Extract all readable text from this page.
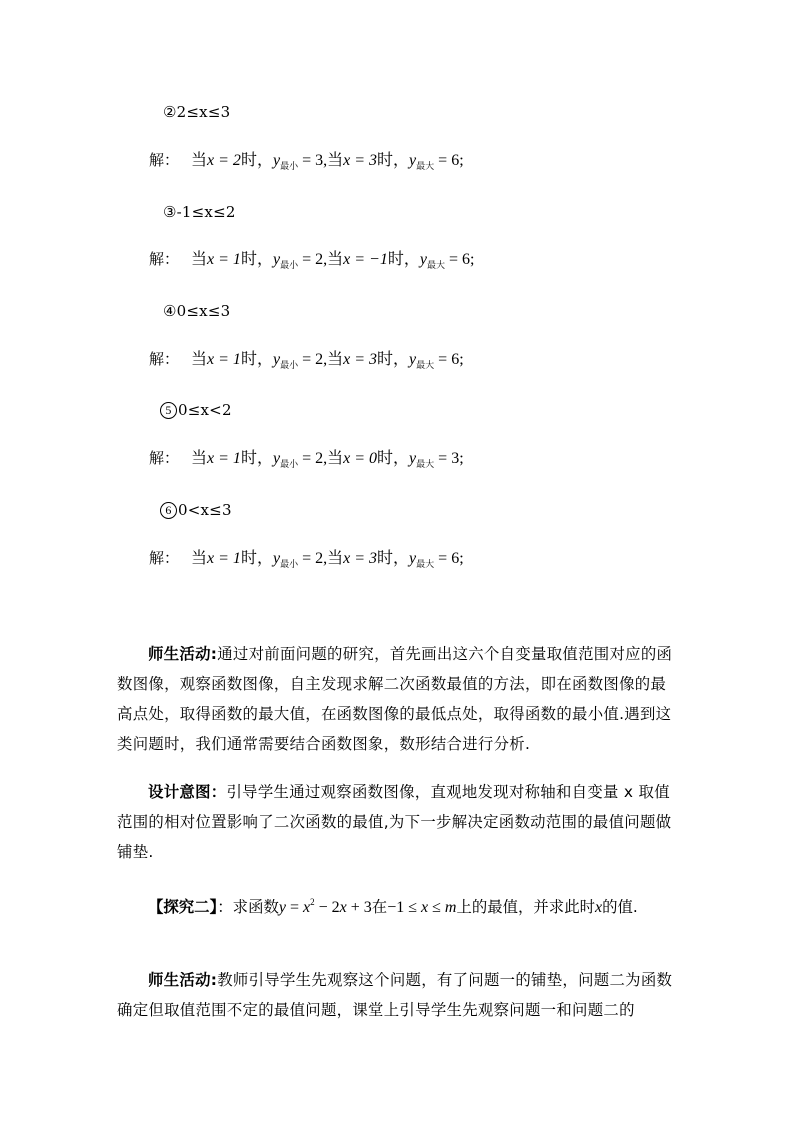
②2≤x≤3
解： 当x = 2时，$y_{最小} = 3$,当x = 3时，$y_{最大} = 6$;
③-1≤x≤2
解： 当x = 1时，$y_{最小} = 2$,当x = −1时，$y_{最大} = 6$;
④0≤x≤3
解： 当x = 1时，$y_{最小} = 2$,当x = 3时，$y_{最大} = 6$;
5 0≤x<2
解： 当x = 1时，$y_{最小} = 2$,当x = 0时，$y_{最大} = 3$;
6 0<x≤3
解： 当x = 1时，$y_{最小} = 2$,当x = 3时，$y_{最大} = 6$;
师生活动:通过对前面问题的研究，首先画出这六个自变量取值范围对应的函数图像，观察函数图像，自主发现求解二次函数最值的方法，即在函数图像的最高点处，取得函数的最大值，在函数图像的最低点处，取得函数的最小值.遇到这类问题时，我们通常需要结合函数图象，数形结合进行分析.
设计意图：引导学生通过观察函数图像，直观地发现对称轴和自变量 x 取值范围的相对位置影响了二次函数的最值,为下一步解决定函数动范围的最值问题做铺垫.
【探究二】：求函数$y = x^2 - 2x + 3$在−1 ≤ x ≤ m上的最值，并求此时x的值.
师生活动:教师引导学生先观察这个问题，有了问题一的铺垫，问题二为函数确定但取值范围不定的最值问题，课堂上引导学生先观察问题一和问题二的
